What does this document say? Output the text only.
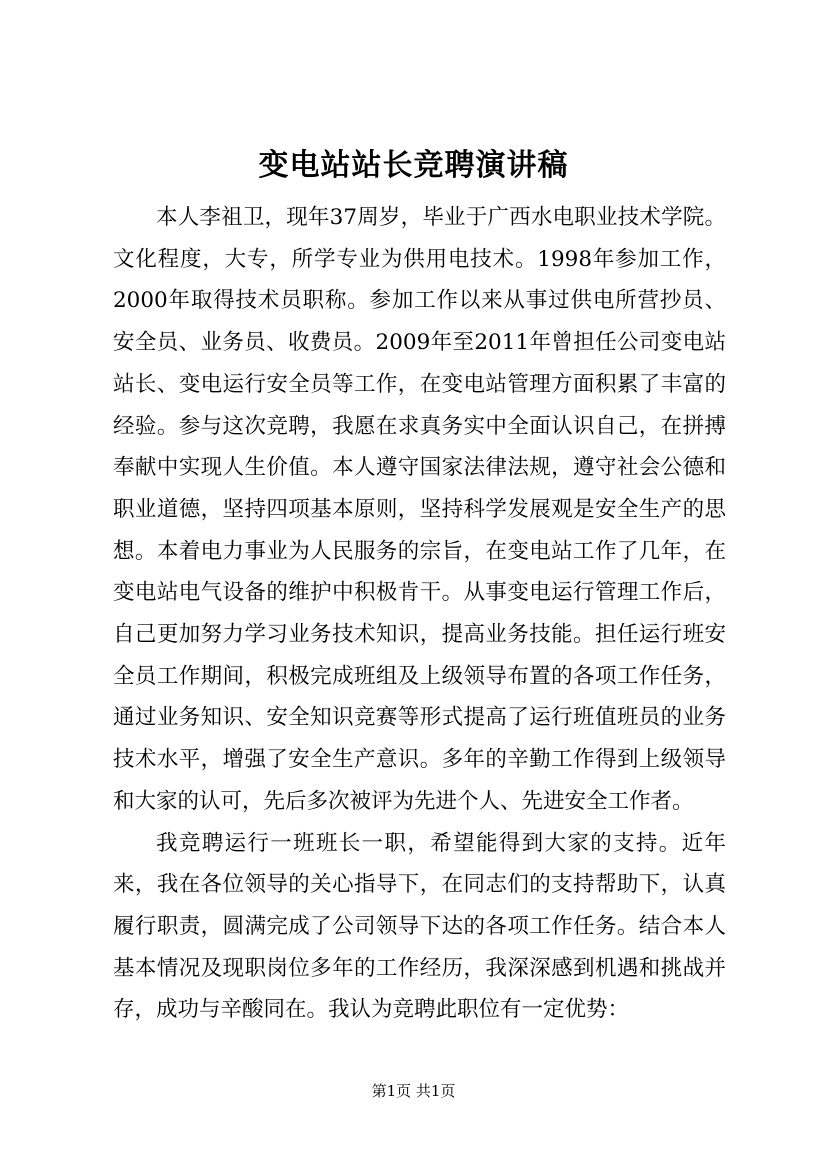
变电站站长竞聘演讲稿

本人李祖卫，现年37周岁，毕业于广西水电职业技术学院。文化程度，大专，所学专业为供用电技术。1998年参加工作，2000年取得技术员职称。参加工作以来从事过供电所营抄员、安全员、业务员、收费员。2009年至2011年曾担任公司变电站站长、变电运行安全员等工作，在变电站管理方面积累了丰富的经验。参与这次竞聘，我愿在求真务实中全面认识自己，在拼搏奉献中实现人生价值。本人遵守国家法律法规，遵守社会公德和职业道德，坚持四项基本原则，坚持科学发展观是安全生产的思想。本着电力事业为人民服务的宗旨，在变电站工作了几年，在变电站电气设备的维护中积极肯干。从事变电运行管理工作后，自己更加努力学习业务技术知识，提高业务技能。担任运行班安全员工作期间，积极完成班组及上级领导布置的各项工作任务，通过业务知识、安全知识竞赛等形式提高了运行班值班员的业务技术水平，增强了安全生产意识。多年的辛勤工作得到上级领导和大家的认可，先后多次被评为先进个人、先进安全工作者。

我竞聘运行一班班长一职，希望能得到大家的支持。近年来，我在各位领导的关心指导下，在同志们的支持帮助下，认真履行职责，圆满完成了公司领导下达的各项工作任务。结合本人基本情况及现职岗位多年的工作经历，我深深感到机遇和挑战并存，成功与辛酸同在。我认为竞聘此职位有一定优势：

第1页 共1页
